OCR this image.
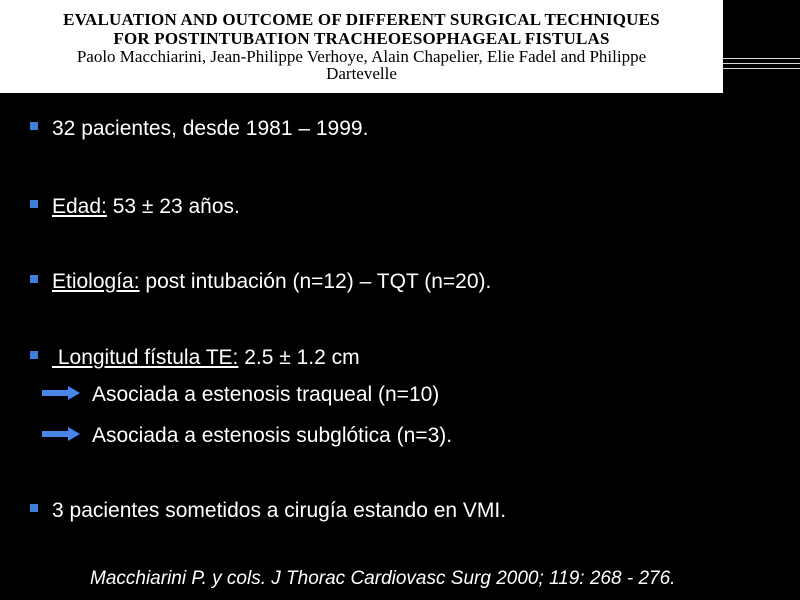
EVALUATION AND OUTCOME OF DIFFERENT SURGICAL TECHNIQUES
FOR POSTINTUBATION TRACHEOESOPHAGEAL FISTULAS
Paolo Macchiarini, Jean-Philippe Verhoye, Alain Chapelier, Elie Fadel and Philippe
Dartevelle
32 pacientes, desde 1981 – 1999.
Edad: 53 ± 23 años.
Etiología: post intubación (n=12) – TQT (n=20).
Longitud fístula TE: 2.5 ± 1.2 cm
Asociada a estenosis traqueal (n=10)
Asociada a estenosis subglótica (n=3).
3 pacientes sometidos a cirugía estando en VMI.
Macchiarini P. y cols. J Thorac Cardiovasc Surg 2000; 119: 268 - 276.
